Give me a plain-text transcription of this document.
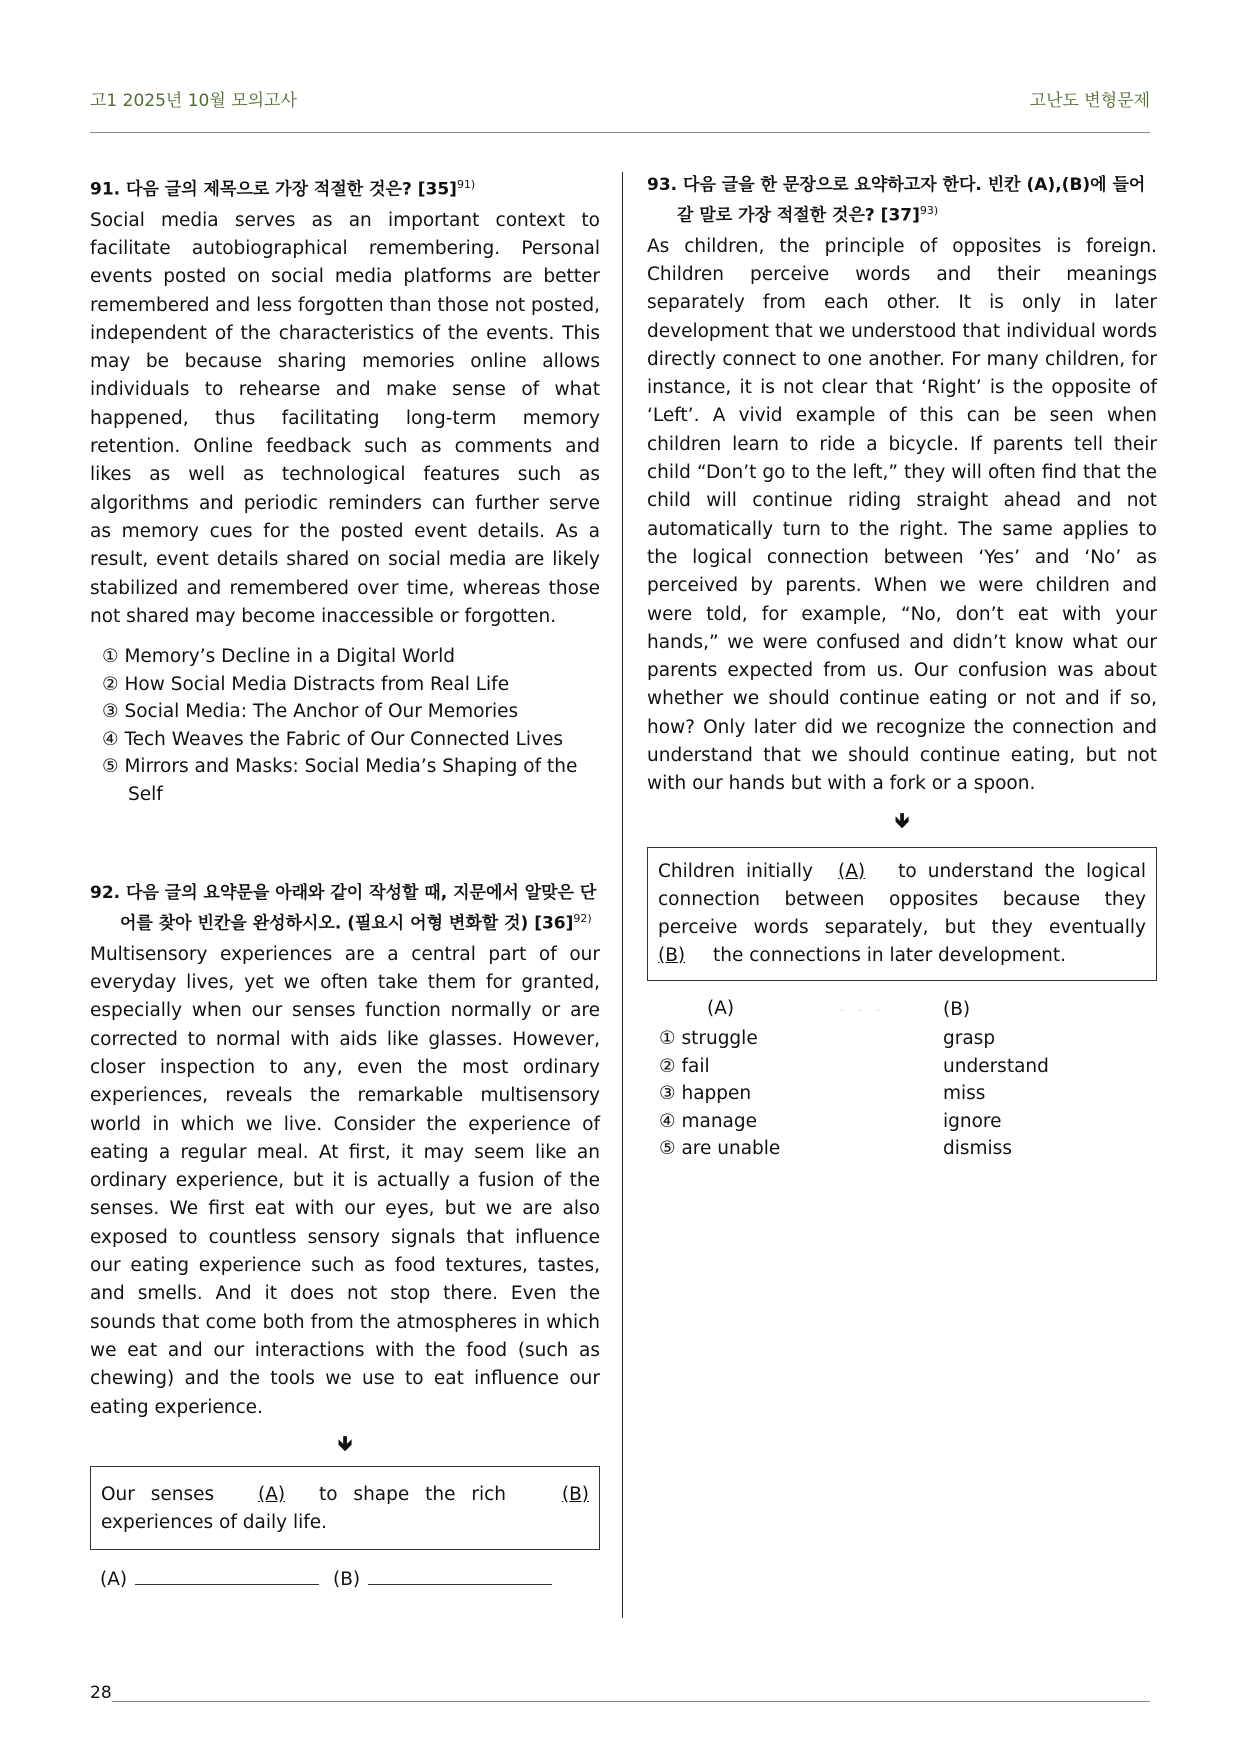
고1 2025년 10월 모의고사	고난도 변형문제

91. 다음 글의 제목으로 가장 적절한 것은? $[35]^{91)}$

Social media serves as an important context to facilitate autobiographical remembering. Personal events posted on social media platforms are better remembered and less forgotten than those not posted, independent of the characteristics of the events. This may be because sharing memories online allows individuals to rehearse and make sense of what happened, thus facilitating long-term memory retention. Online feedback such as comments and likes as well as technological features such as algorithms and periodic reminders can further serve as memory cues for the posted event details. As a result, event details shared on social media are likely stabilized and remembered over time, whereas those not shared may become inaccessible or forgotten.

① Memory’s Decline in a Digital World
② How Social Media Distracts from Real Life
③ Social Media: The Anchor of Our Memories
④ Tech Weaves the Fabric of Our Connected Lives
⑤ Mirrors and Masks: Social Media’s Shaping of the Self

92. 다음 글의 요약문을 아래와 같이 작성할 때, 지문에서 알맞은 단어를 찾아 빈칸을 완성하시오. (필요시 어형 변화할 것) $[36]^{92)}$

Multisensory experiences are a central part of our everyday lives, yet we often take them for granted, especially when our senses function normally or are corrected to normal with aids like glasses. However, closer inspection to any, even the most ordinary experiences, reveals the remarkable multisensory world in which we live. Consider the experience of eating a regular meal. At first, it may seem like an ordinary experience, but it is actually a fusion of the senses. We first eat with our eyes, but we are also exposed to countless sensory signals that influence our eating experience such as food textures, tastes, and smells. And it does not stop there. Even the sounds that come both from the atmospheres in which we eat and our interactions with the food (such as chewing) and the tools we use to eat influence our eating experience.

🡻
Our senses (A) to shape the rich (B) experiences of daily life.
(A)	(B)

93. 다음 글을 한 문장으로 요약하고자 한다. 빈칸 (A),(B)에 들어갈 말로 가장 적절한 것은? $[37]^{93)}$

As children, the principle of opposites is foreign. Children perceive words and their meanings separately from each other. It is only in later development that we understood that individual words directly connect to one another. For many children, for instance, it is not clear that ‘Right’ is the opposite of ‘Left’. A vivid example of this can be seen when children learn to ride a bicycle. If parents tell their child “Don’t go to the left,” they will often find that the child will continue riding straight ahead and not automatically turn to the right. The same applies to the logical connection between ‘Yes’ and ‘No’ as perceived by parents. When we were children and were told, for example, “No, don’t eat with your hands,” we were confused and didn’t know what our parents expected from us. Our confusion was about whether we should continue eating or not and if so, how? Only later did we recognize the connection and understand that we should continue eating, but not with our hands but with a fork or a spoon.

🡻
Children initially (A) to understand the logical connection between opposites because they perceive words separately, but they eventually (B) the connections in later development.
(A) · · ·	(B)
① struggle	grasp
② fail	understand
③ happen	miss
④ manage	ignore
⑤ are unable	dismiss
28
